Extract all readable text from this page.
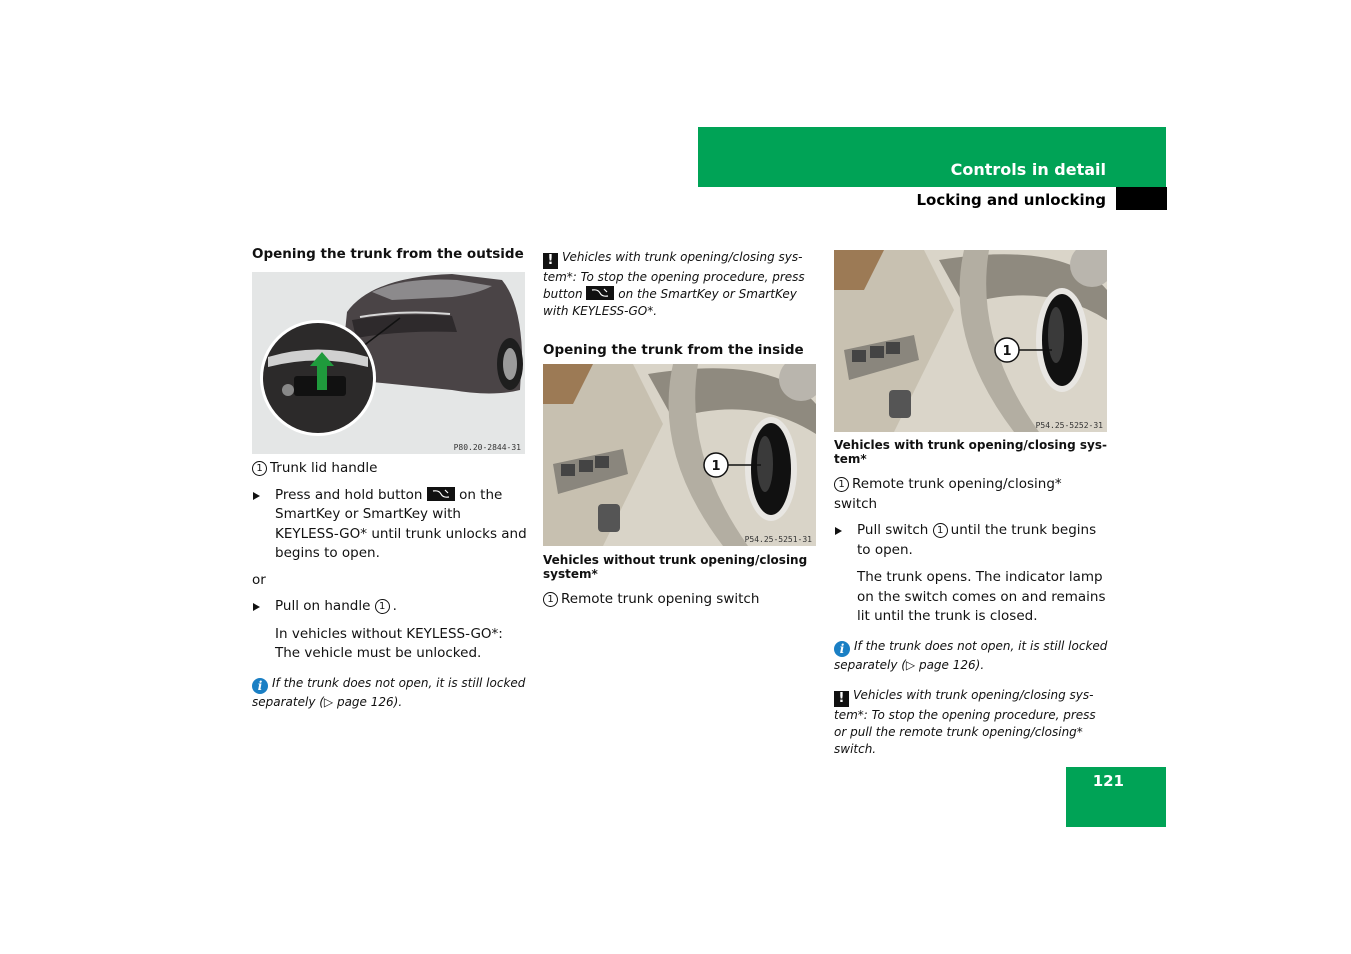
Controls in detail
Locking and unlocking
Opening the trunk from the outside
P80.20-2844-31
1 Trunk lid handle
Press and hold button	on the SmartKey or SmartKey with KEYLESS-GO* until trunk unlocks and begins to open.
or
Pull on handle 1 .
In vehicles without KEYLESS-GO*: The vehicle must be unlocked.
i If the trunk does not open, it is still locked separately (▷ page 126).
! Vehicles with trunk opening/closing sys-tem*: To stop the opening procedure, press button	on the SmartKey or SmartKey with KEYLESS-GO*.
Opening the trunk from the inside
1
P54.25-5251-31
Vehicles without trunk opening/closing system*
1 Remote trunk opening switch
1
P54.25-5252-31
Vehicles with trunk opening/closing sys-tem*
1 Remote trunk opening/closing* switch
Pull switch 1 until the trunk begins to open.
The trunk opens. The indicator lamp on the switch comes on and remains lit until the trunk is closed.
i If the trunk does not open, it is still locked separately (▷ page 126).
! Vehicles with trunk opening/closing sys-tem*: To stop the opening procedure, press or pull the remote trunk opening/closing* switch.
121
